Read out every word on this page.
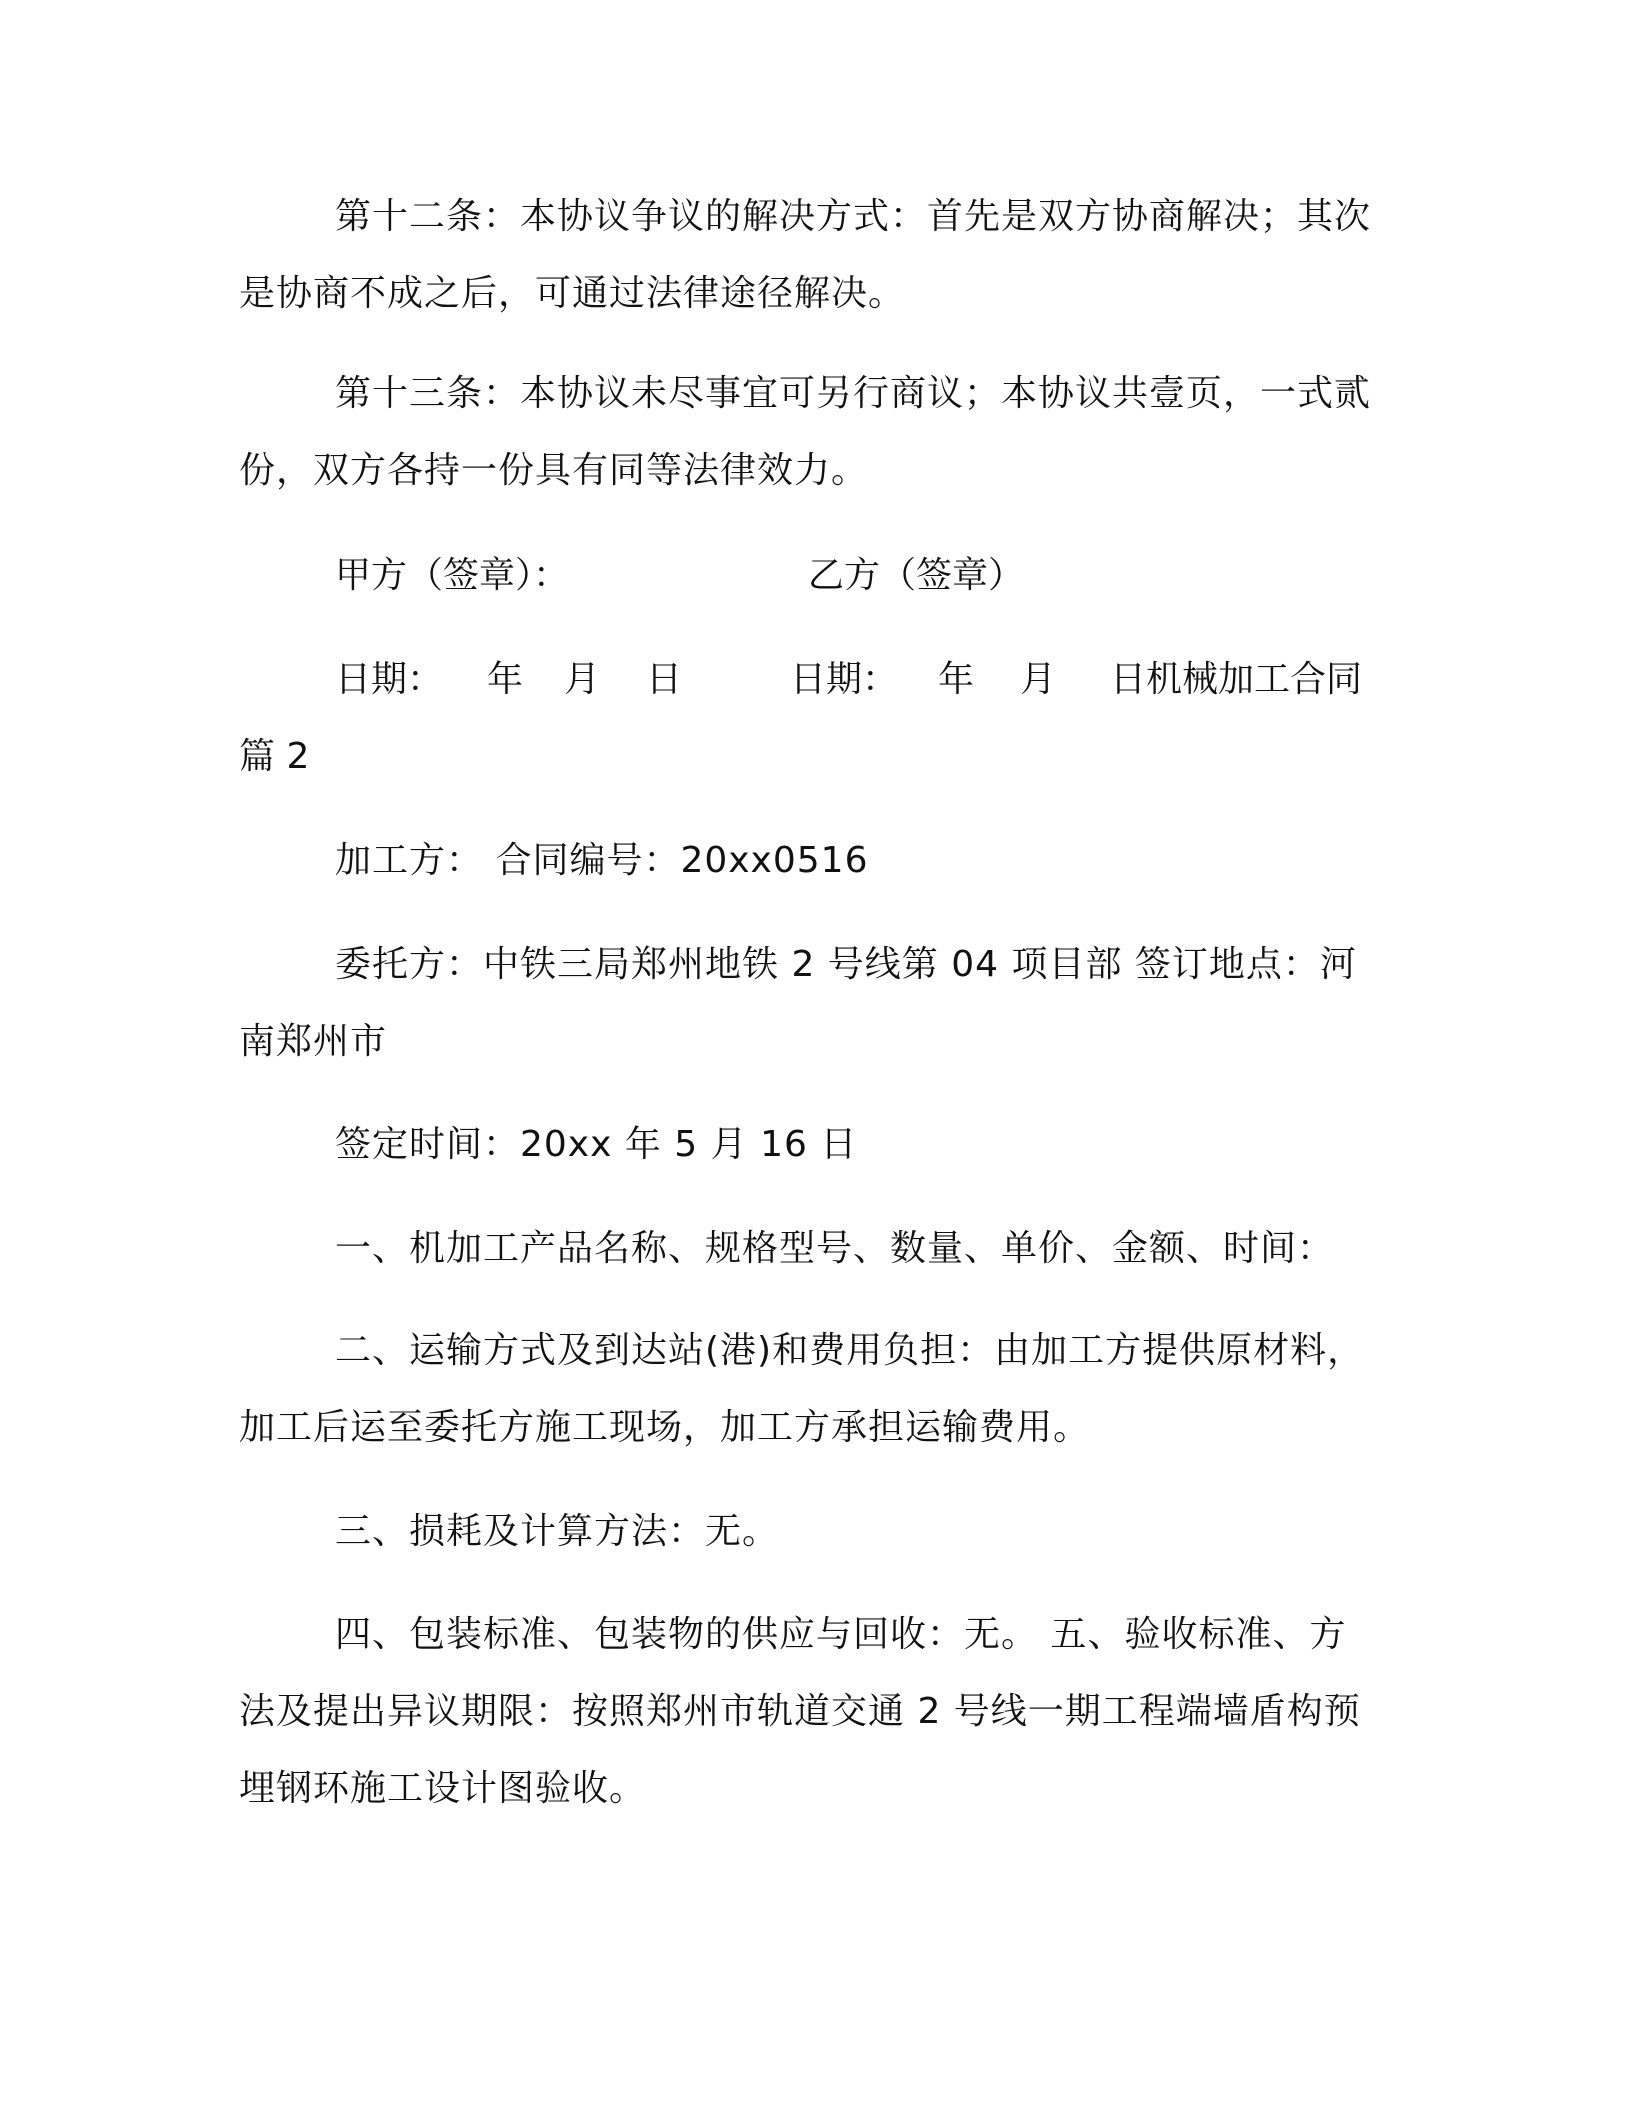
第十二条：本协议争议的解决方式：首先是双方协商解决；其次是协商不成之后，可通过法律途径解决。

第十三条：本协议未尽事宜可另行商议；本协议共壹页，一式贰份，双方各持一份具有同等法律效力。

甲方（签章）：	乙方（签章）
日期： 年 月 日	日期： 年 月 日机械加工合同
篇 2

加工方： 合同编号：20xx0516

委托方：中铁三局郑州地铁 2 号线第 04 项目部 签订地点：河南郑州市

签定时间：20xx 年 5 月 16 日

一、机加工产品名称、规格型号、数量、单价、金额、时间：

二、运输方式及到达站(港)和费用负担：由加工方提供原材料，加工后运至委托方施工现场，加工方承担运输费用。

三、损耗及计算方法：无。

四、包装标准、包装物的供应与回收：无。 五、验收标准、方法及提出异议期限：按照郑州市轨道交通 2 号线一期工程端墙盾构预埋钢环施工设计图验收。
